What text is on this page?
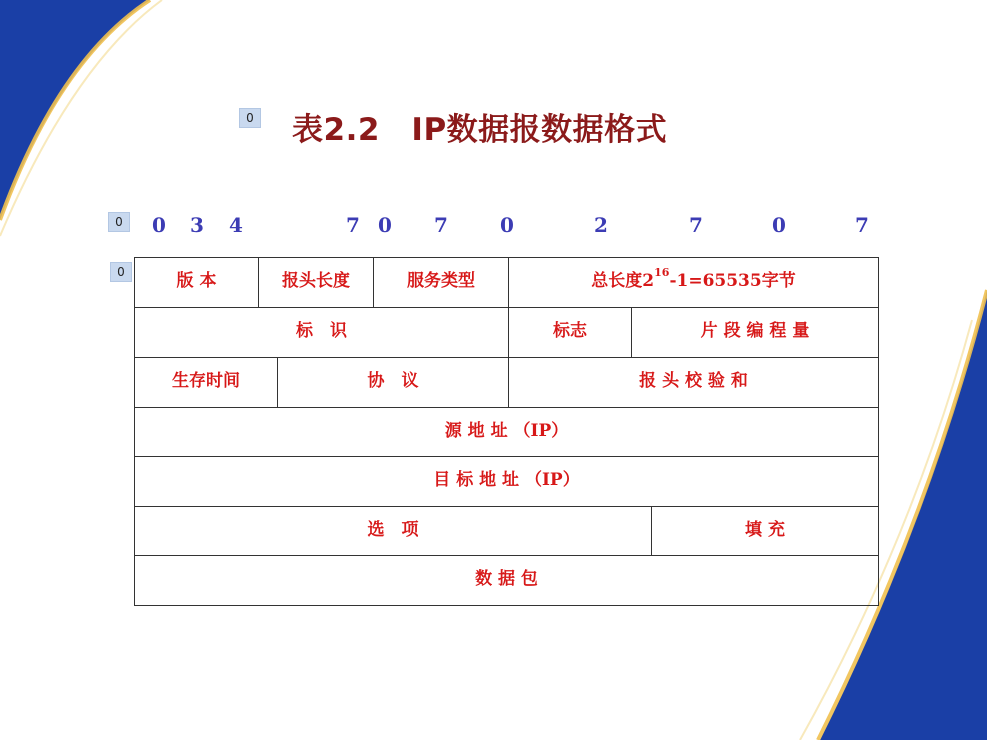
0
0
0
表2.2　IP数据报数据格式
0 3 4	7 0 7	0	2	7	0	7
版 本	报头长度	服务类型	总长度$2^{16}$ -1=65535字节
标　识	标志	片 段 编 程 量
生存时间	协　议	报 头 校 验 和
源 地 址 （IP）
目 标 地 址 （IP）
选　项	填 充
数 据 包
